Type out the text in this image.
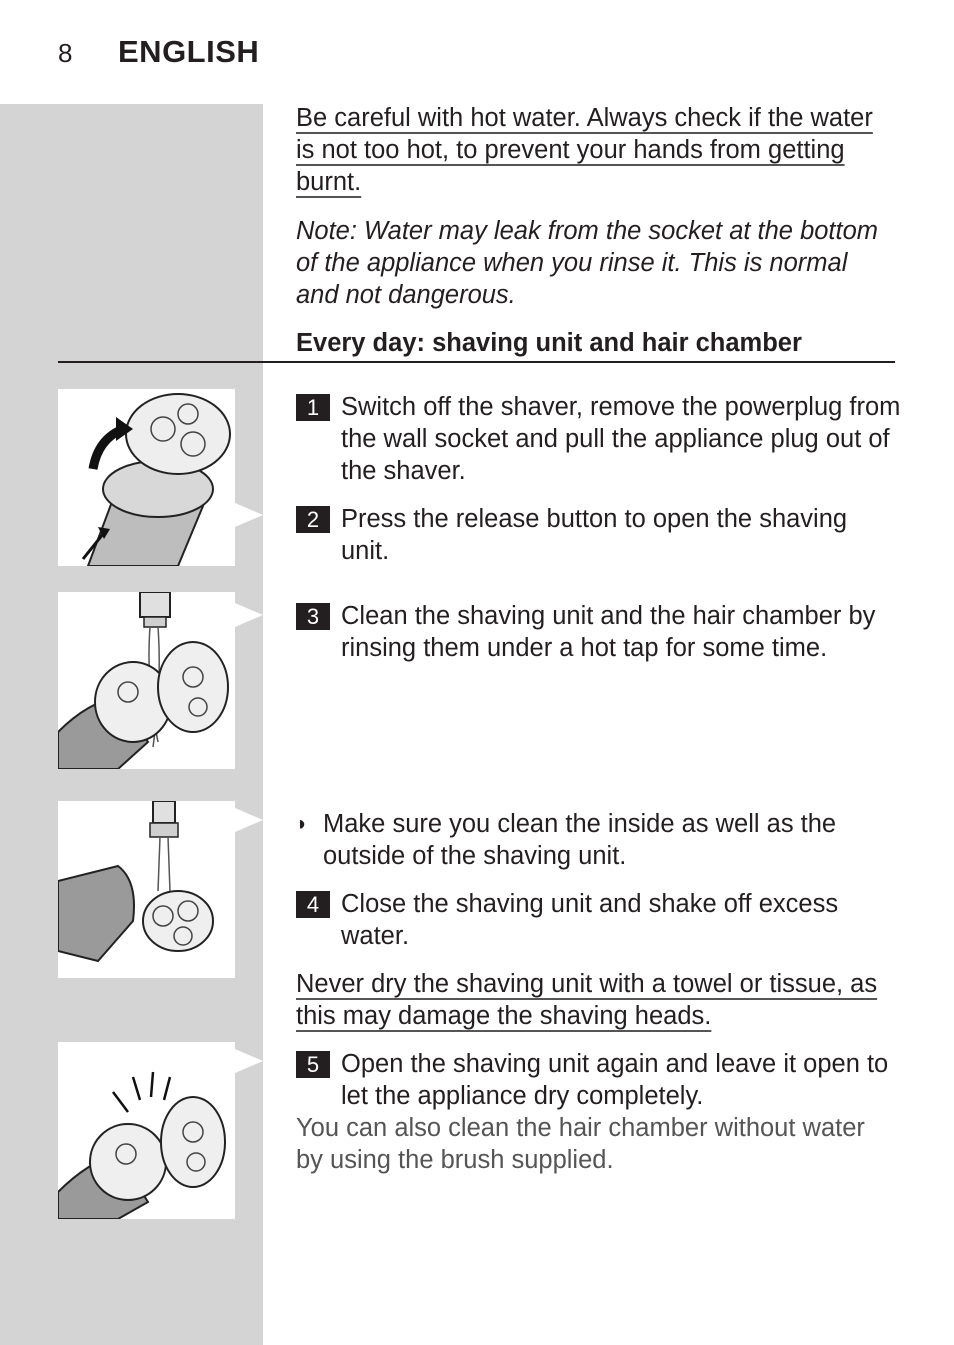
8 ENGLISH

Be careful with hot water. Always check if the water is not too hot, to prevent your hands from getting burnt.

Note: Water may leak from the socket at the bottom of the appliance when you rinse it. This is normal and not dangerous.

Every day: shaving unit and hair chamber

1 Switch off the shaver, remove the powerplug from the wall socket and pull the appliance plug out of the shaver.
2 Press the release button to open the shaving unit.
3 Clean the shaving unit and the hair chamber by rinsing them under a hot tap for some time.
◗ Make sure you clean the inside as well as the outside of the shaving unit.
4 Close the shaving unit and shake off excess water.

Never dry the shaving unit with a towel or tissue, as this may damage the shaving heads.

5 Open the shaving unit again and leave it open to let the appliance dry completely.

You can also clean the hair chamber without water by using the brush supplied.
